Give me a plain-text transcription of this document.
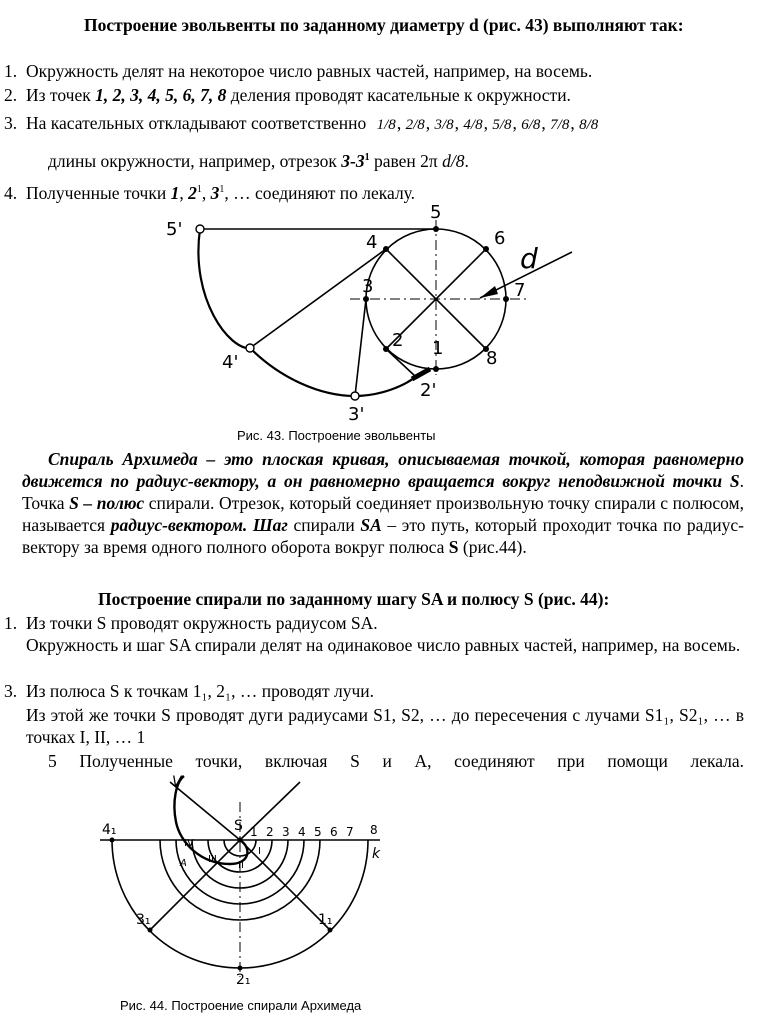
Построение эвольвенты по заданному диаметру d (рис. 43) выполняют так:
1. Окружность делят на некоторое число равных частей, например, на восемь.
2. Из точек 1, 2, 3, 4, 5, 6, 7, 8 деления проводят касательные к окружности.
3. На касательных откладывают соответственно 1/8, 2/8, 3/8, 4/8, 5/8, 6/8, 7/8, 8/8
длины окружности, например, отрезок $3-3^1$ равен 2π d/8.
4. Полученные точки 1, $2^1$, $3^1$, … соединяют по лекалу.
5'
5
4	6
d
3	7
2 1 8
4'
2'
3'
Рис. 43. Построение эвольвенты
Спираль Архимеда – это плоская кривая, описываемая точкой, которая равномерно движется по радиус-вектору, а он равномерно вращается вокруг неподвижной точки S. Точка S – полюс спирали. Отрезок, который соединяет произвольную точку спирали с полюсом, называется радиус-вектором. Шаг спирали SA – это путь, который проходит точка по радиус-вектору за время одного полного оборота вокруг полюса S (рис.44).
Построение спирали по заданному шагу SA и полюсу S (рис. 44):
1. Из точки S проводят окружность радиусом SA.
Окружность и шаг SA спирали делят на одинаковое число равных частей, например, на восемь.
3. Из полюса S к точкам 1₁, 2₁, … проводят лучи.
Из этой же точки S проводят дуги радиусами S1, S2, … до пересечения с лучами S1₁, S2₁, … в точках I, II, … 1
5 Полученные точки, включая S и A, соединяют при помощи лекала.
V
S 1 2 3 4 5 6 7 8
k
4₁
3₁
2₁
1₁
I
II
III
IV
A
Рис. 44. Построение спирали Архимеда
